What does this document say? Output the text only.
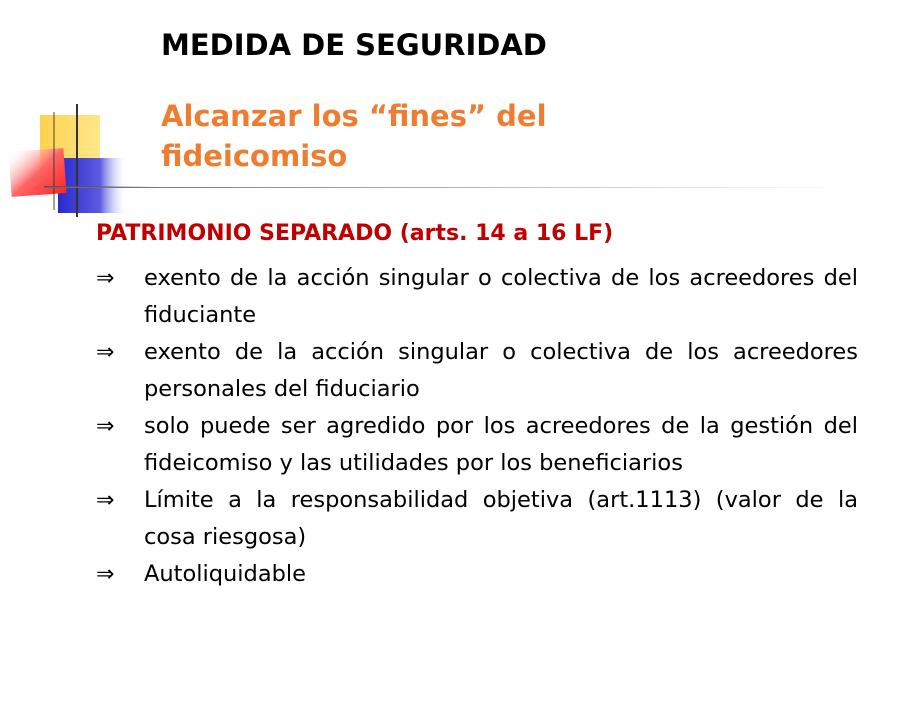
MEDIDA DE SEGURIDAD
Alcanzar los “fines” del fideicomiso
PATRIMONIO SEPARADO (arts. 14 a 16 LF)
⇒	exento de la acción singular o colectiva de los acreedores del fiduciante
⇒	exento de la acción singular o colectiva de los acreedores personales del fiduciario
⇒	solo puede ser agredido por los acreedores de la gestión del fideicomiso y las utilidades por los beneficiarios
⇒	Límite a la responsabilidad objetiva (art.1113) (valor de la cosa riesgosa)
⇒	Autoliquidable
